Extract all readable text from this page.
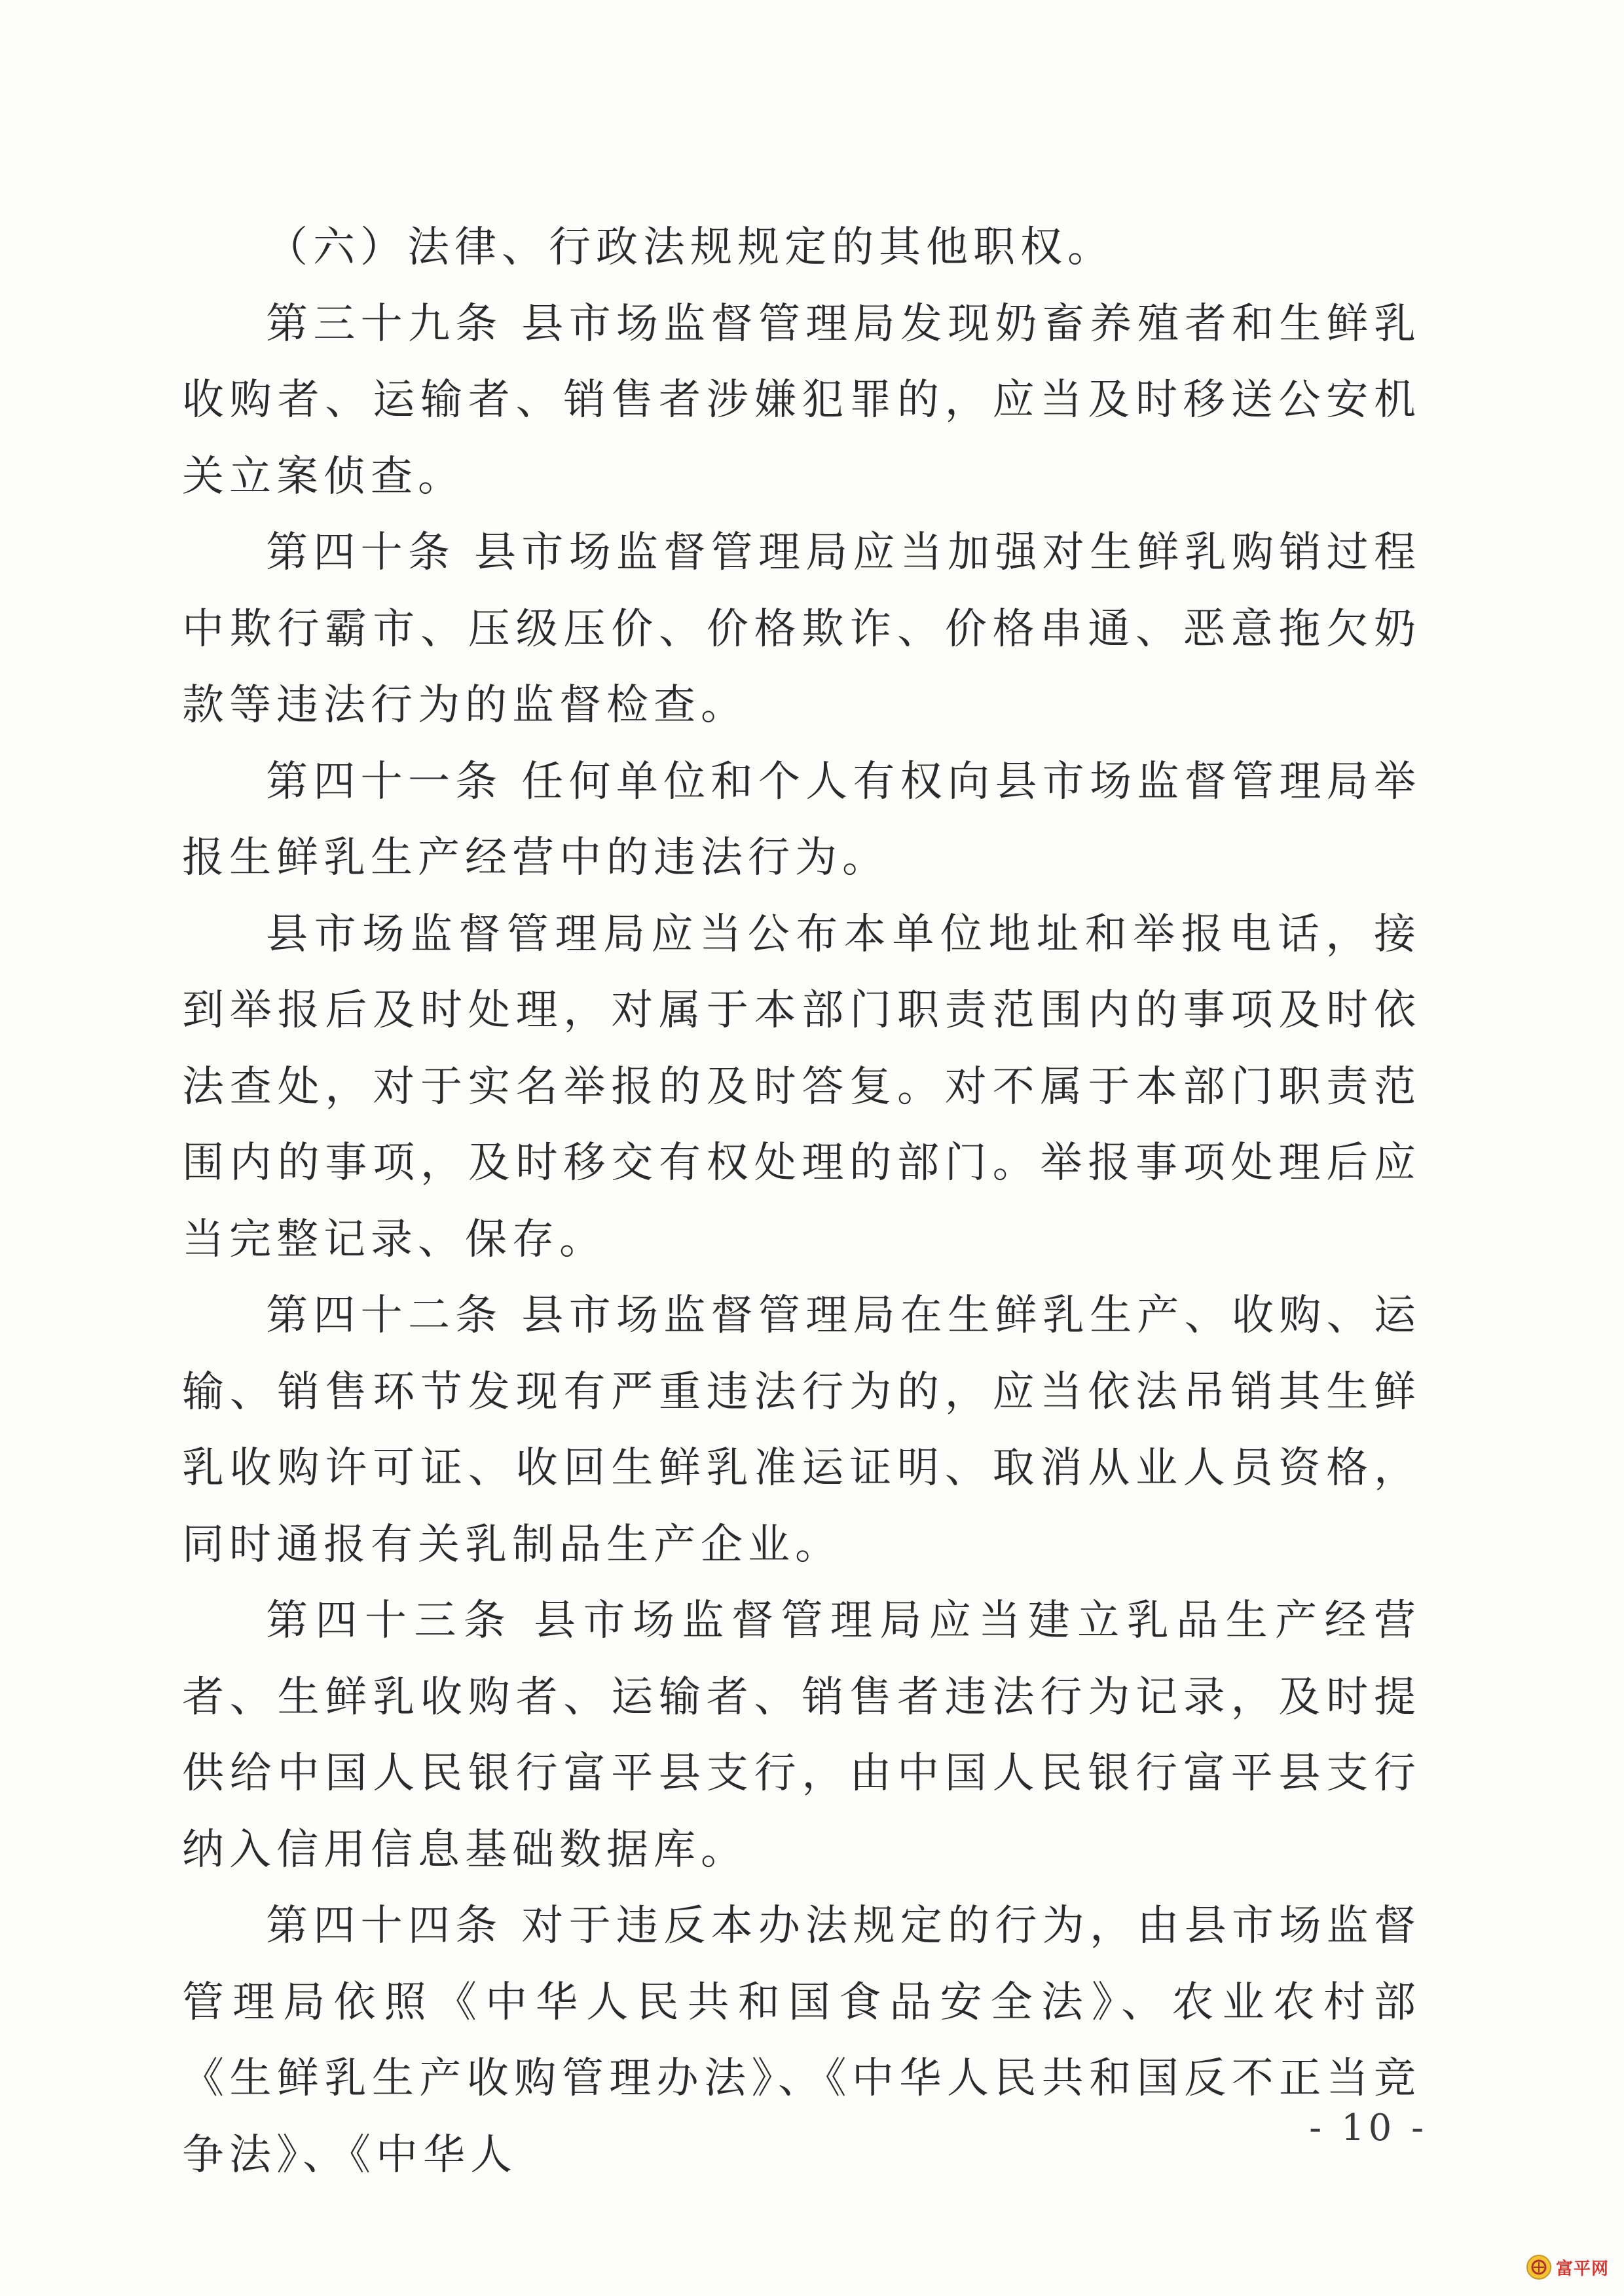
（六）法律、行政法规规定的其他职权。

第三十九条 县市场监督管理局发现奶畜养殖者和生鲜乳收购者、运输者、销售者涉嫌犯罪的，应当及时移送公安机关立案侦查。

第四十条 县市场监督管理局应当加强对生鲜乳购销过程中欺行霸市、压级压价、价格欺诈、价格串通、恶意拖欠奶款等违法行为的监督检查。

第四十一条 任何单位和个人有权向县市场监督管理局举报生鲜乳生产经营中的违法行为。

县市场监督管理局应当公布本单位地址和举报电话，接到举报后及时处理，对属于本部门职责范围内的事项及时依法查处，对于实名举报的及时答复。对不属于本部门职责范围内的事项，及时移交有权处理的部门。举报事项处理后应当完整记录、保存。

第四十二条 县市场监督管理局在生鲜乳生产、收购、运输、销售环节发现有严重违法行为的，应当依法吊销其生鲜乳收购许可证、收回生鲜乳准运证明、取消从业人员资格，同时通报有关乳制品生产企业。

第四十三条 县市场监督管理局应当建立乳品生产经营者、生鲜乳收购者、运输者、销售者违法行为记录，及时提供给中国人民银行富平县支行，由中国人民银行富平县支行纳入信用信息基础数据库。

第四十四条 对于违反本办法规定的行为，由县市场监督管理局依照《中华人民共和国食品安全法》、农业农村部《生鲜乳生产收购管理办法》、《中华人民共和国反不正当竞争法》、《中华人

- 10 -
富平网
